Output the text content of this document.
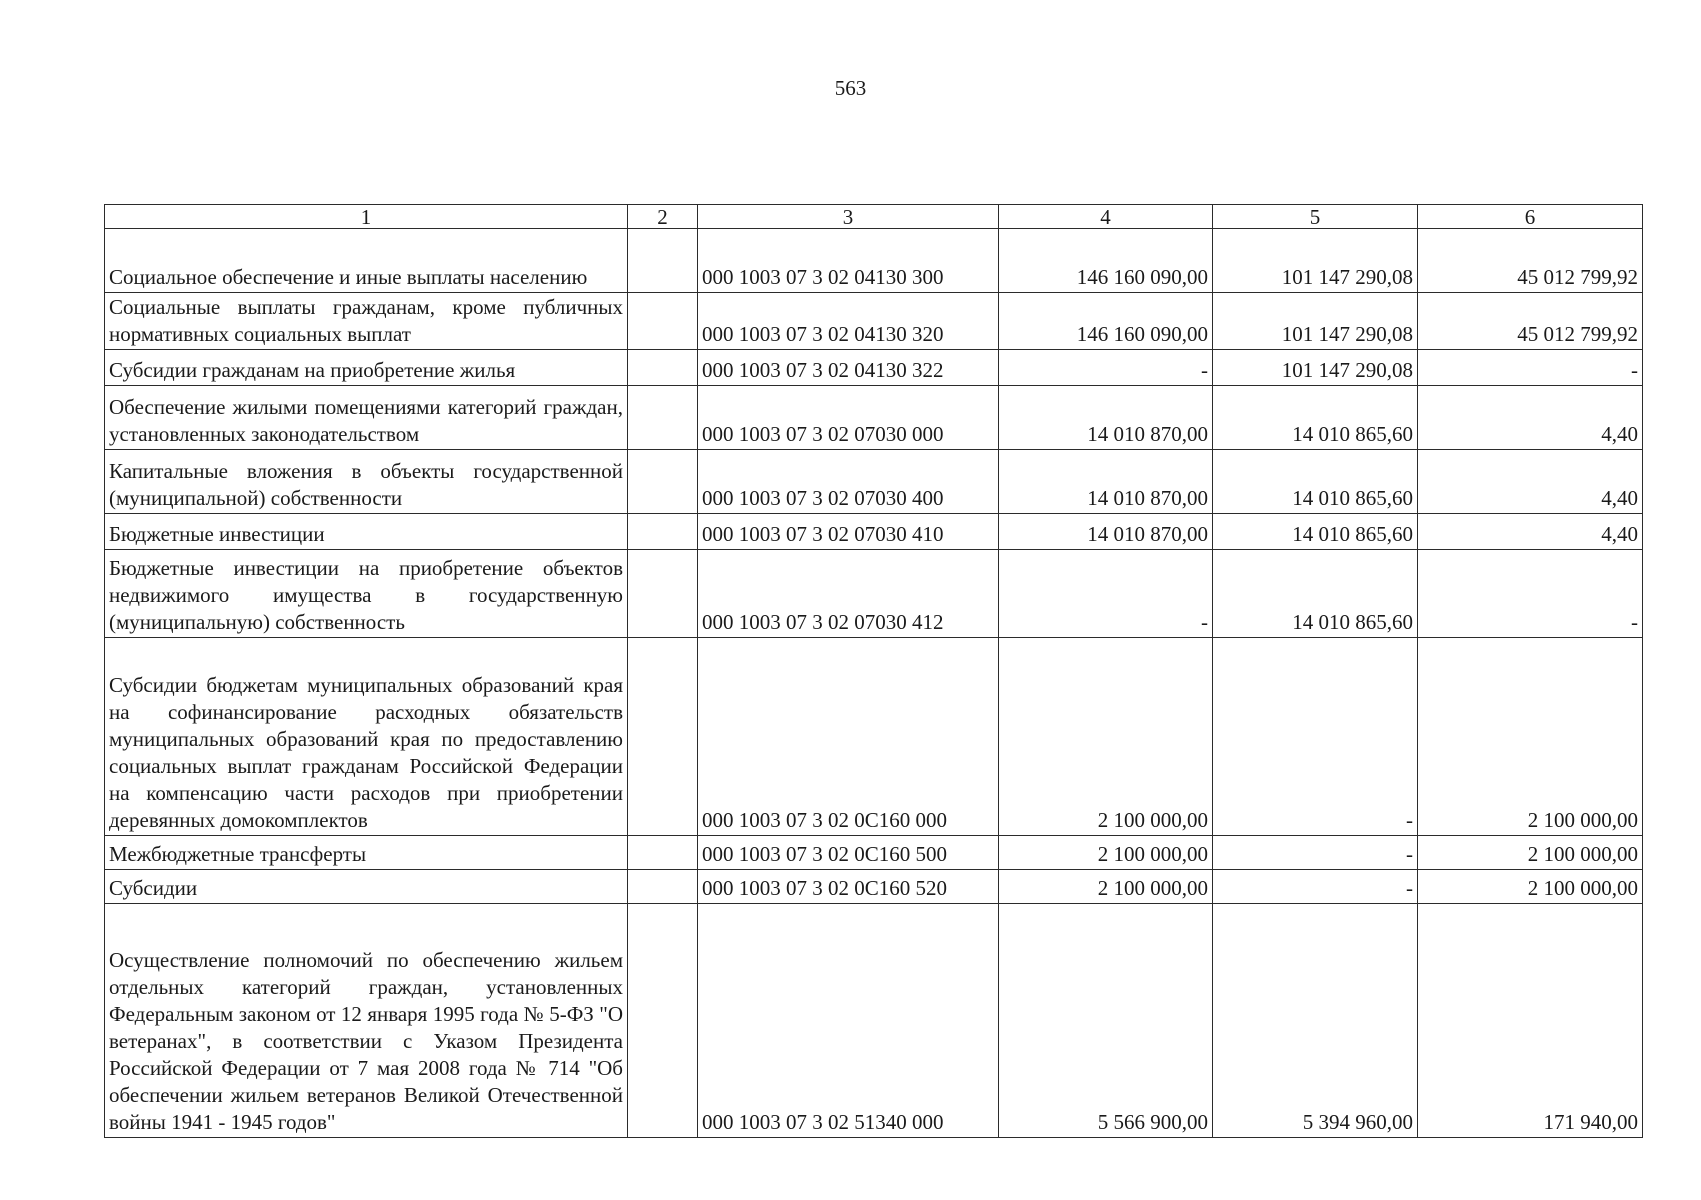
563
1	2	3	4	5	6
Социальное обеспечение и иные выплаты населению		000 1003 07 3 02 04130 300	146 160 090,00	101 147 290,08	45 012 799,92
Социальные выплаты гражданам, кроме публичных нормативных социальных выплат		000 1003 07 3 02 04130 320	146 160 090,00	101 147 290,08	45 012 799,92
Субсидии гражданам на приобретение жилья		000 1003 07 3 02 04130 322	-	101 147 290,08	-
Обеспечение жилыми помещениями категорий граждан, установленных законодательством		000 1003 07 3 02 07030 000	14 010 870,00	14 010 865,60	4,40
Капитальные вложения в объекты государственной (муниципальной) собственности		000 1003 07 3 02 07030 400	14 010 870,00	14 010 865,60	4,40
Бюджетные инвестиции		000 1003 07 3 02 07030 410	14 010 870,00	14 010 865,60	4,40
Бюджетные инвестиции на приобретение объектов недвижимого имущества в государственную (муниципальную) собственность		000 1003 07 3 02 07030 412	-	14 010 865,60	-
Субсидии бюджетам муниципальных образований края на софинансирование расходных обязательств муниципальных образований края по предоставлению социальных выплат гражданам Российской Федерации на компенсацию части расходов при приобретении деревянных домокомплектов		000 1003 07 3 02 0С160 000	2 100 000,00	-	2 100 000,00
Межбюджетные трансферты		000 1003 07 3 02 0С160 500	2 100 000,00	-	2 100 000,00
Субсидии		000 1003 07 3 02 0С160 520	2 100 000,00	-	2 100 000,00
Осуществление полномочий по обеспечению жильем отдельных категорий граждан, установленных Федеральным законом от 12 января 1995 года № 5-ФЗ "О ветеранах", в соответствии с Указом Президента Российской Федерации от 7 мая 2008 года № 714 "Об обеспечении жильем ветеранов Великой Отечественной войны 1941 - 1945 годов"		000 1003 07 3 02 51340 000	5 566 900,00	5 394 960,00	171 940,00
